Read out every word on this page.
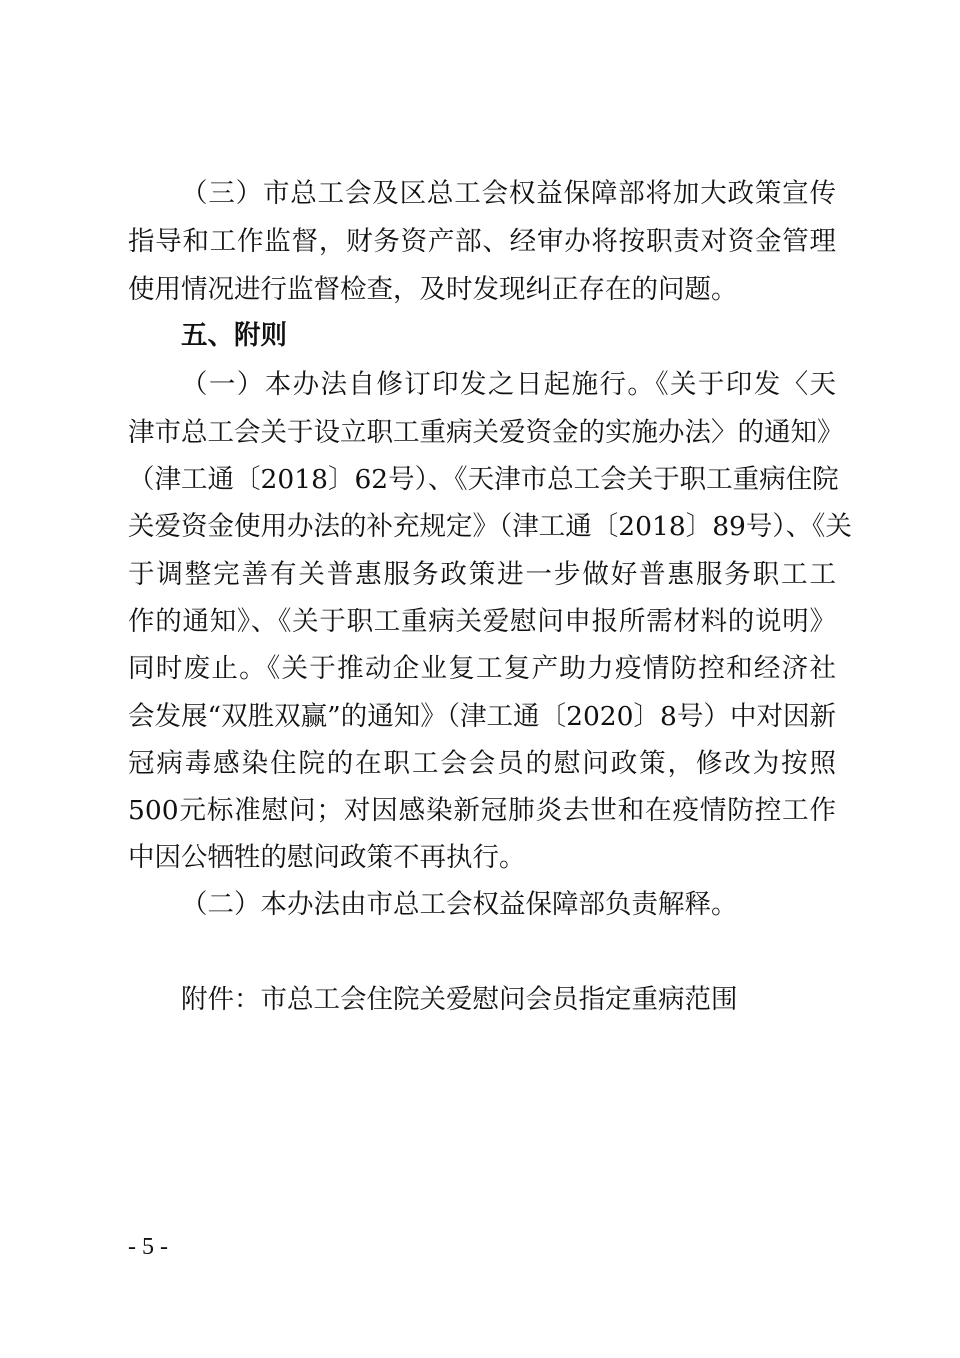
（三）市总工会及区总工会权益保障部将加大政策宣传
指导和工作监督，财务资产部、经审办将按职责对资金管理
使用情况进行监督检查，及时发现纠正存在的问题。
五、附则
（一）本办法自修订印发之日起施行。《关于印发〈天
津市总工会关于设立职工重病关爱资金的实施办法〉的通知》
（津工通〔2018〕62号）、《天津市总工会关于职工重病住院
关爱资金使用办法的补充规定》（津工通〔2018〕89号）、《关
于调整完善有关普惠服务政策进一步做好普惠服务职工工
作的通知》、《关于职工重病关爱慰问申报所需材料的说明》
同时废止。《关于推动企业复工复产助力疫情防控和经济社
会发展“双胜双赢”的通知》（津工通〔2020〕8号）中对因新
冠病毒感染住院的在职工会会员的慰问政策，修改为按照
500元标准慰问；对因感染新冠肺炎去世和在疫情防控工作
中因公牺牲的慰问政策不再执行。
（二）本办法由市总工会权益保障部负责解释。
附件：市总工会住院关爱慰问会员指定重病范围
- 5 -
